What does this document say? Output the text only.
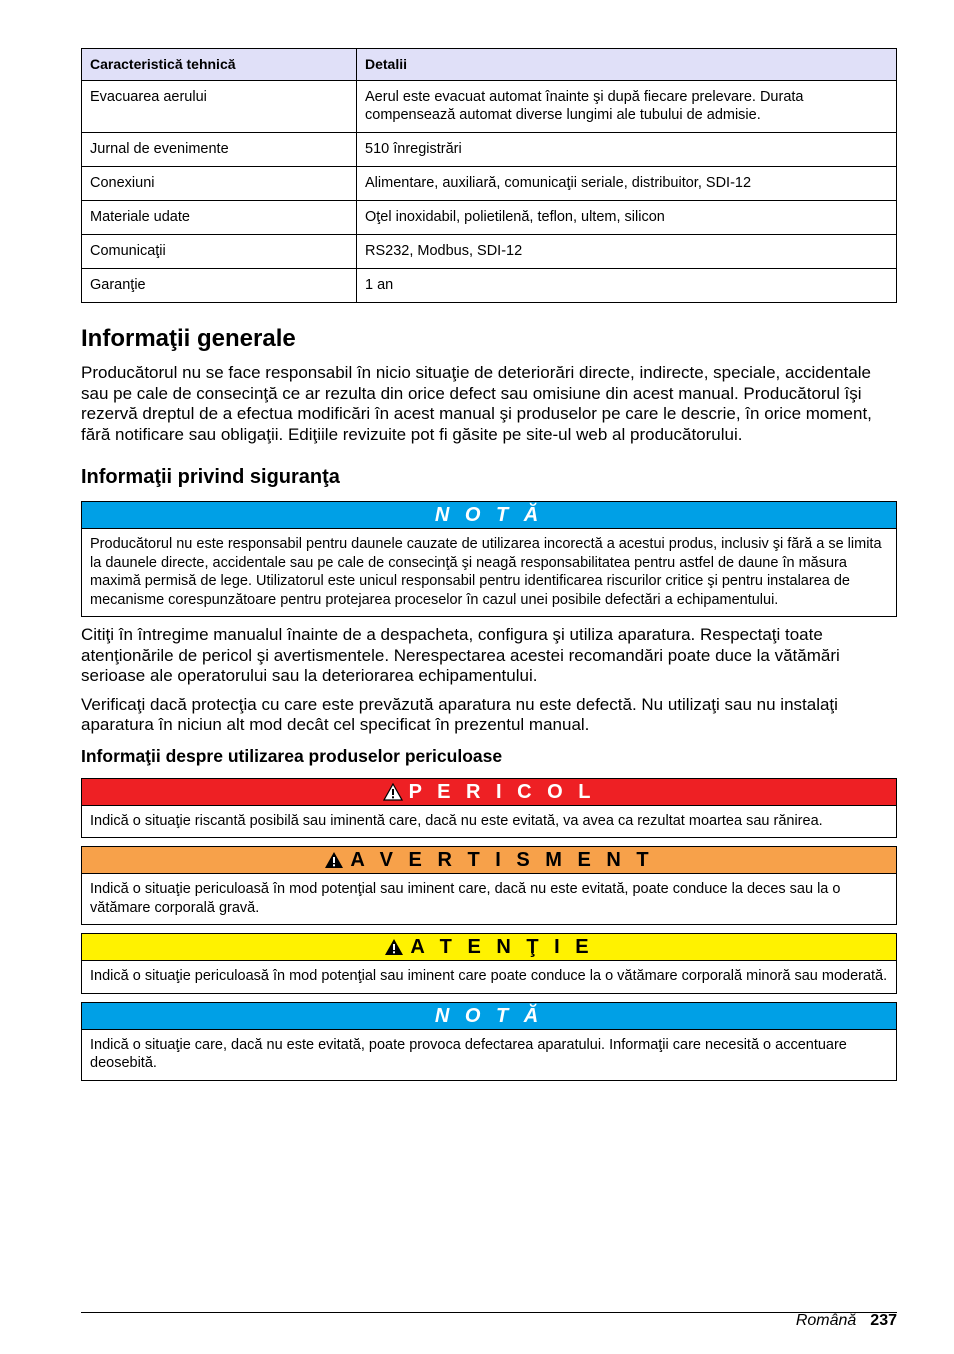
Caracteristică tehnică	Detalii
Evacuarea aerului	Aerul este evacuat automat înainte şi după fiecare prelevare. Durata compensează automat diverse lungimi ale tubului de admisie.
Jurnal de evenimente	510 înregistrări
Conexiuni	Alimentare, auxiliară, comunicaţii seriale, distribuitor, SDI-12
Materiale udate	Oţel inoxidabil, polietilenă, teflon, ultem, silicon
Comunicaţii	RS232, Modbus, SDI-12
Garanţie	1 an
Informaţii generale

Producătorul nu se face responsabil în nicio situaţie de deteriorări directe, indirecte, speciale, accidentale sau pe cale de consecinţă ce ar rezulta din orice defect sau omisiune din acest manual. Producătorul îşi rezervă dreptul de a efectua modificări în acest manual şi produselor pe care le descrie, în orice moment, fără notificare sau obligaţii. Ediţiile revizuite pot fi găsite pe site-ul web al producătorului.

Informaţii privind siguranţa
N O T Ă
Producătorul nu este responsabil pentru daunele cauzate de utilizarea incorectă a acestui produs, inclusiv şi fără a se limita la daunele directe, accidentale sau pe cale de consecinţă şi neagă responsabilitatea pentru astfel de daune în măsura maximă permisă de lege. Utilizatorul este unicul responsabil pentru identificarea riscurilor critice şi pentru instalarea de mecanisme corespunzătoare pentru protejarea proceselor în cazul unei posibile defectări a echipamentului.

Citiţi în întregime manualul înainte de a despacheta, configura şi utiliza aparatura. Respectaţi toate atenţionările de pericol şi avertismentele. Nerespectarea acestei recomandări poate duce la vătămări serioase ale operatorului sau la deteriorarea echipamentului.

Verificaţi dacă protecţia cu care este prevăzută aparatura nu este defectă. Nu utilizaţi sau nu instalaţi aparatura în niciun alt mod decât cel specificat în prezentul manual.

Informaţii despre utilizarea produselor periculoase
P E R I C O L
Indică o situaţie riscantă posibilă sau iminentă care, dacă nu este evitată, va avea ca rezultat moartea sau rănirea.
A V E R T I S M E N T
Indică o situaţie periculoasă în mod potenţial sau iminent care, dacă nu este evitată, poate conduce la deces sau la o vătămare corporală gravă.
A T E N Ţ I E
Indică o situaţie periculoasă în mod potenţial sau iminent care poate conduce la o vătămare corporală minoră sau moderată.
N O T Ă
Indică o situaţie care, dacă nu este evitată, poate provoca defectarea aparatului. Informaţii care necesită o accentuare deosebită.
Română 237
